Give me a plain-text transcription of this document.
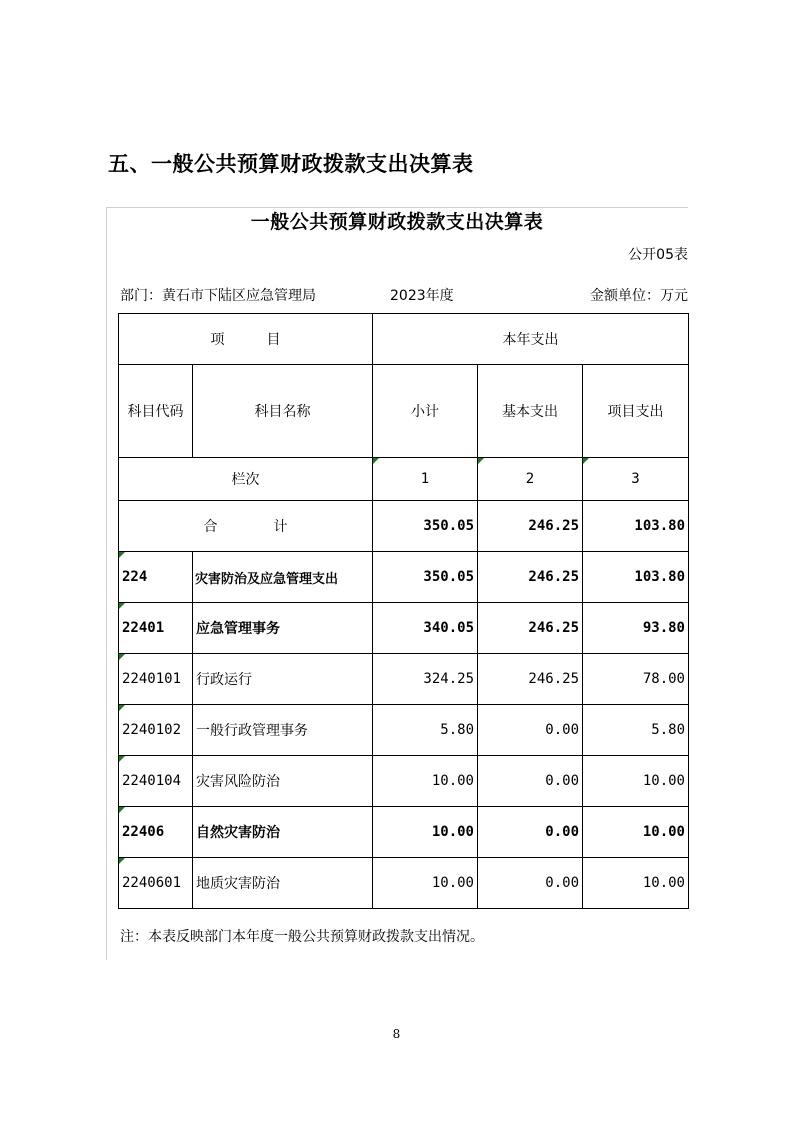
五、一般公共预算财政拨款支出决算表
一般公共预算财政拨款支出决算表
公开05表
部门：黄石市下陆区应急管理局	2023年度	金额单位：万元
项　　　目		本年支出		
科目代码	科目名称	小计	基本支出	项目支出
栏次		1	2	3
合　　　　计		350.05	246.25	103.80
224	灾害防治及应急管理支出	350.05	246.25	103.80
22401	应急管理事务	340.05	246.25	93.80
2240101	行政运行	324.25	246.25	78.00
2240102	一般行政管理事务	5.80	0.00	5.80
2240104	灾害风险防治	10.00	0.00	10.00
22406	自然灾害防治	10.00	0.00	10.00
2240601	地质灾害防治	10.00	0.00	10.00
注：本表反映部门本年度一般公共预算财政拨款支出情况。
8
